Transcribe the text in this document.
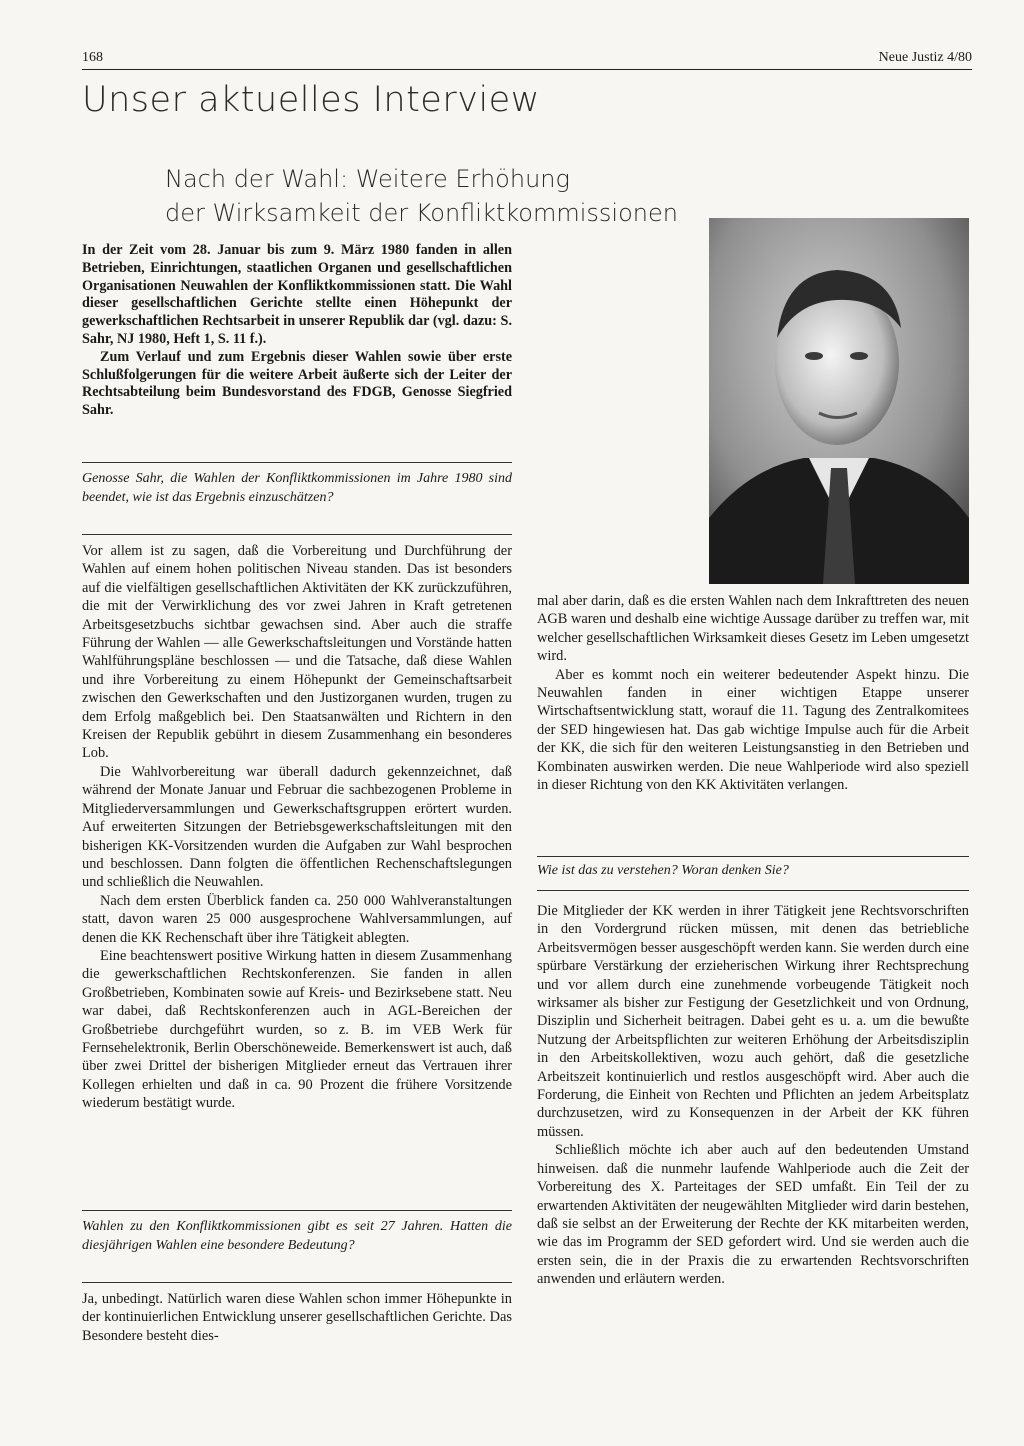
168	Neue Justiz 4/80
Unser aktuelles Interview
Nach der Wahl: Weitere Erhöhung
der Wirksamkeit der Konfliktkommissionen

In der Zeit vom 28. Januar bis zum 9. März 1980 fanden in allen Betrieben, Einrichtungen, staatlichen Organen und gesellschaftlichen Organisationen Neuwahlen der Konfliktkommissionen statt. Die Wahl dieser gesellschaftlichen Gerichte stellte einen Höhepunkt der gewerkschaftlichen Rechtsarbeit in unserer Republik dar (vgl. dazu: S. Sahr, NJ 1980, Heft 1, S. 11 f.).

Zum Verlauf und zum Ergebnis dieser Wahlen sowie über erste Schlußfolgerungen für die weitere Arbeit äußerte sich der Leiter der Rechtsabteilung beim Bundesvorstand des FDGB, Genosse Siegfried Sahr.

Genosse Sahr, die Wahlen der Konfliktkommissionen im Jahre 1980 sind beendet, wie ist das Ergebnis einzuschätzen?

Vor allem ist zu sagen, daß die Vorbereitung und Durchführung der Wahlen auf einem hohen politischen Niveau standen. Das ist besonders auf die vielfältigen gesellschaftlichen Aktivitäten der KK zurückzuführen, die mit der Verwirklichung des vor zwei Jahren in Kraft getretenen Arbeitsgesetzbuchs sichtbar gewachsen sind. Aber auch die straffe Führung der Wahlen — alle Gewerkschaftsleitungen und Vorstände hatten Wahlführungspläne beschlossen — und die Tatsache, daß diese Wahlen und ihre Vorbereitung zu einem Höhepunkt der Gemeinschaftsarbeit zwischen den Gewerkschaften und den Justizorganen wurden, trugen zu dem Erfolg maßgeblich bei. Den Staatsanwälten und Richtern in den Kreisen der Republik gebührt in diesem Zusammenhang ein besonderes Lob.

Die Wahlvorbereitung war überall dadurch gekennzeichnet, daß während der Monate Januar und Februar die sachbezogenen Probleme in Mitgliederversammlungen und Gewerkschaftsgruppen erörtert wurden. Auf erweiterten Sitzungen der Betriebsgewerkschaftsleitungen mit den bisherigen KK-Vorsitzenden wurden die Aufgaben zur Wahl besprochen und beschlossen. Dann folgten die öffentlichen Rechenschaftslegungen und schließlich die Neuwahlen.

Nach dem ersten Überblick fanden ca. 250 000 Wahlveranstaltungen statt, davon waren 25 000 ausgesprochene Wahlversammlungen, auf denen die KK Rechenschaft über ihre Tätigkeit ablegten.

Eine beachtenswert positive Wirkung hatten in diesem Zusammenhang die gewerkschaftlichen Rechtskonferenzen. Sie fanden in allen Großbetrieben, Kombinaten sowie auf Kreis- und Bezirksebene statt. Neu war dabei, daß Rechtskonferenzen auch in AGL-Bereichen der Großbetriebe durchgeführt wurden, so z. B. im VEB Werk für Fernsehelektronik, Berlin Oberschöneweide. Bemerkenswert ist auch, daß über zwei Drittel der bisherigen Mitglieder erneut das Vertrauen ihrer Kollegen erhielten und daß in ca. 90 Prozent die frühere Vorsitzende wiederum bestätigt wurde.

Wahlen zu den Konfliktkommissionen gibt es seit 27 Jahren. Hatten die diesjährigen Wahlen eine besondere Bedeutung?

Ja, unbedingt. Natürlich waren diese Wahlen schon immer Höhepunkte in der kontinuierlichen Entwicklung unserer gesellschaftlichen Gerichte. Das Besondere besteht dies-

mal aber darin, daß es die ersten Wahlen nach dem Inkrafttreten des neuen AGB waren und deshalb eine wichtige Aussage darüber zu treffen war, mit welcher gesellschaftlichen Wirksamkeit dieses Gesetz im Leben umgesetzt wird.

Aber es kommt noch ein weiterer bedeutender Aspekt hinzu. Die Neuwahlen fanden in einer wichtigen Etappe unserer Wirtschaftsentwicklung statt, worauf die 11. Tagung des Zentralkomitees der SED hingewiesen hat. Das gab wichtige Impulse auch für die Arbeit der KK, die sich für den weiteren Leistungsanstieg in den Betrieben und Kombinaten auswirken werden. Die neue Wahlperiode wird also speziell in dieser Richtung von den KK Aktivitäten verlangen.

Wie ist das zu verstehen? Woran denken Sie?

Die Mitglieder der KK werden in ihrer Tätigkeit jene Rechtsvorschriften in den Vordergrund rücken müssen, mit denen das betriebliche Arbeitsvermögen besser ausgeschöpft werden kann. Sie werden durch eine spürbare Verstärkung der erzieherischen Wirkung ihrer Rechtsprechung und vor allem durch eine zunehmende vorbeugende Tätigkeit noch wirksamer als bisher zur Festigung der Gesetzlichkeit und von Ordnung, Disziplin und Sicherheit beitragen. Dabei geht es u. a. um die bewußte Nutzung der Arbeitspflichten zur weiteren Erhöhung der Arbeitsdisziplin in den Arbeitskollektiven, wozu auch gehört, daß die gesetzliche Arbeitszeit kontinuierlich und restlos ausgeschöpft wird. Aber auch die Forderung, die Einheit von Rechten und Pflichten an jedem Arbeitsplatz durchzusetzen, wird zu Konsequenzen in der Arbeit der KK führen müssen.

Schließlich möchte ich aber auch auf den bedeutenden Umstand hinweisen. daß die nunmehr laufende Wahlperiode auch die Zeit der Vorbereitung des X. Parteitages der SED umfaßt. Ein Teil der zu erwartenden Aktivitäten der neugewählten Mitglieder wird darin bestehen, daß sie selbst an der Erweiterung der Rechte der KK mitarbeiten werden, wie das im Programm der SED gefordert wird. Und sie werden auch die ersten sein, die in der Praxis die zu erwartenden Rechtsvorschriften anwenden und erläutern werden.
